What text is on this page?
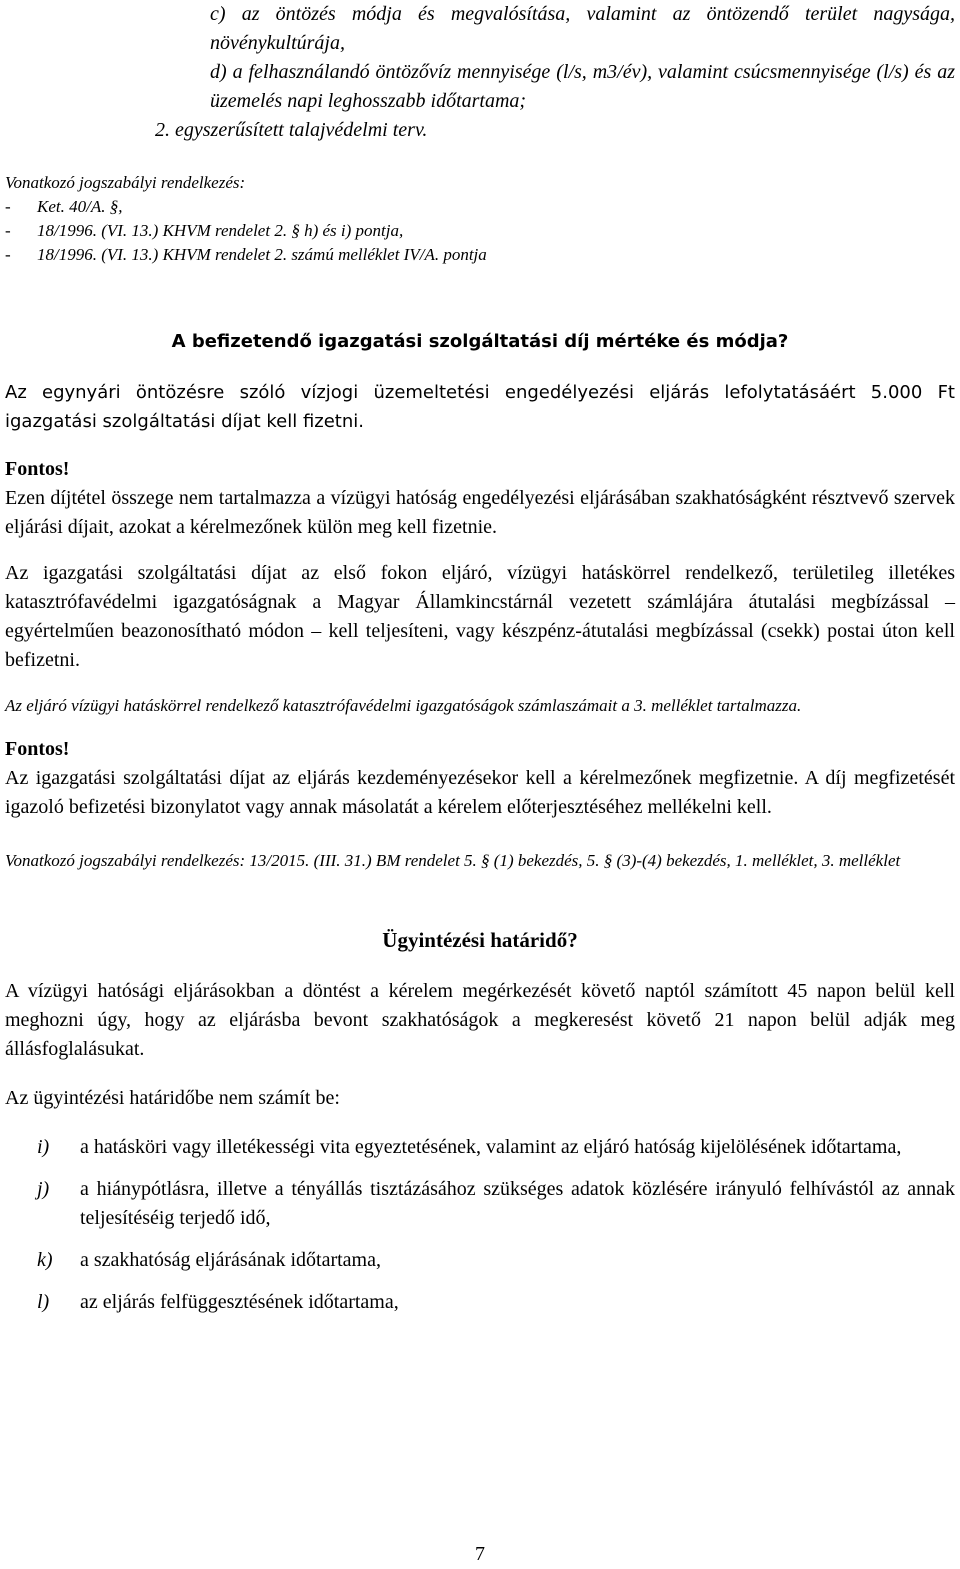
c) az öntözés módja és megvalósítása, valamint az öntözendő terület nagysága, növénykultúrája,

d) a felhasználandó öntözővíz mennyisége (l/s, m3/év), valamint csúcsmennyisége (l/s) és az üzemelés napi leghosszabb időtartama;

2. egyszerűsített talajvédelmi terv.

Vonatkozó jogszabályi rendelkezés:

-	Ket. 40/A. §,
-	18/1996. (VI. 13.) KHVM rendelet 2. § h) és i) pontja,
-	18/1996. (VI. 13.) KHVM rendelet 2. számú melléklet IV/A. pontja

A befizetendő igazgatási szolgáltatási díj mértéke és módja?

Az egynyári öntözésre szóló vízjogi üzemeltetési engedélyezési eljárás lefolytatásáért 5.000 Ft igazgatási szolgáltatási díjat kell fizetni.

Fontos!

Ezen díjtétel összege nem tartalmazza a vízügyi hatóság engedélyezési eljárásában szakhatóságként résztvevő szervek eljárási díjait, azokat a kérelmezőnek külön meg kell fizetnie.

Az igazgatási szolgáltatási díjat az első fokon eljáró, vízügyi hatáskörrel rendelkező, területileg illetékes katasztrófavédelmi igazgatóságnak a Magyar Államkincstárnál vezetett számlájára átutalási megbízással – egyértelműen beazonosítható módon – kell teljesíteni, vagy készpénz-átutalási megbízással (csekk) postai úton kell befizetni.

Az eljáró vízügyi hatáskörrel rendelkező katasztrófavédelmi igazgatóságok számlaszámait a 3. melléklet tartalmazza.

Fontos!

Az igazgatási szolgáltatási díjat az eljárás kezdeményezésekor kell a kérelmezőnek megfizetnie. A díj megfizetését igazoló befizetési bizonylatot vagy annak másolatát a kérelem előterjesztéséhez mellékelni kell.

Vonatkozó jogszabályi rendelkezés: 13/2015. (III. 31.) BM rendelet 5. § (1) bekezdés, 5. § (3)-(4) bekezdés, 1. melléklet, 3. melléklet

Ügyintézési határidő?

A vízügyi hatósági eljárásokban a döntést a kérelem megérkezését követő naptól számított 45 napon belül kell meghozni úgy, hogy az eljárásba bevont szakhatóságok a megkeresést követő 21 napon belül adják meg állásfoglalásukat.

Az ügyintézési határidőbe nem számít be:

i)	a hatásköri vagy illetékességi vita egyeztetésének, valamint az eljáró hatóság kijelölésének időtartama,
j)	a hiánypótlásra, illetve a tényállás tisztázásához szükséges adatok közlésére irányuló felhívástól az annak teljesítéséig terjedő idő,
k)	a szakhatóság eljárásának időtartama,
l)	az eljárás felfüggesztésének időtartama,
7
